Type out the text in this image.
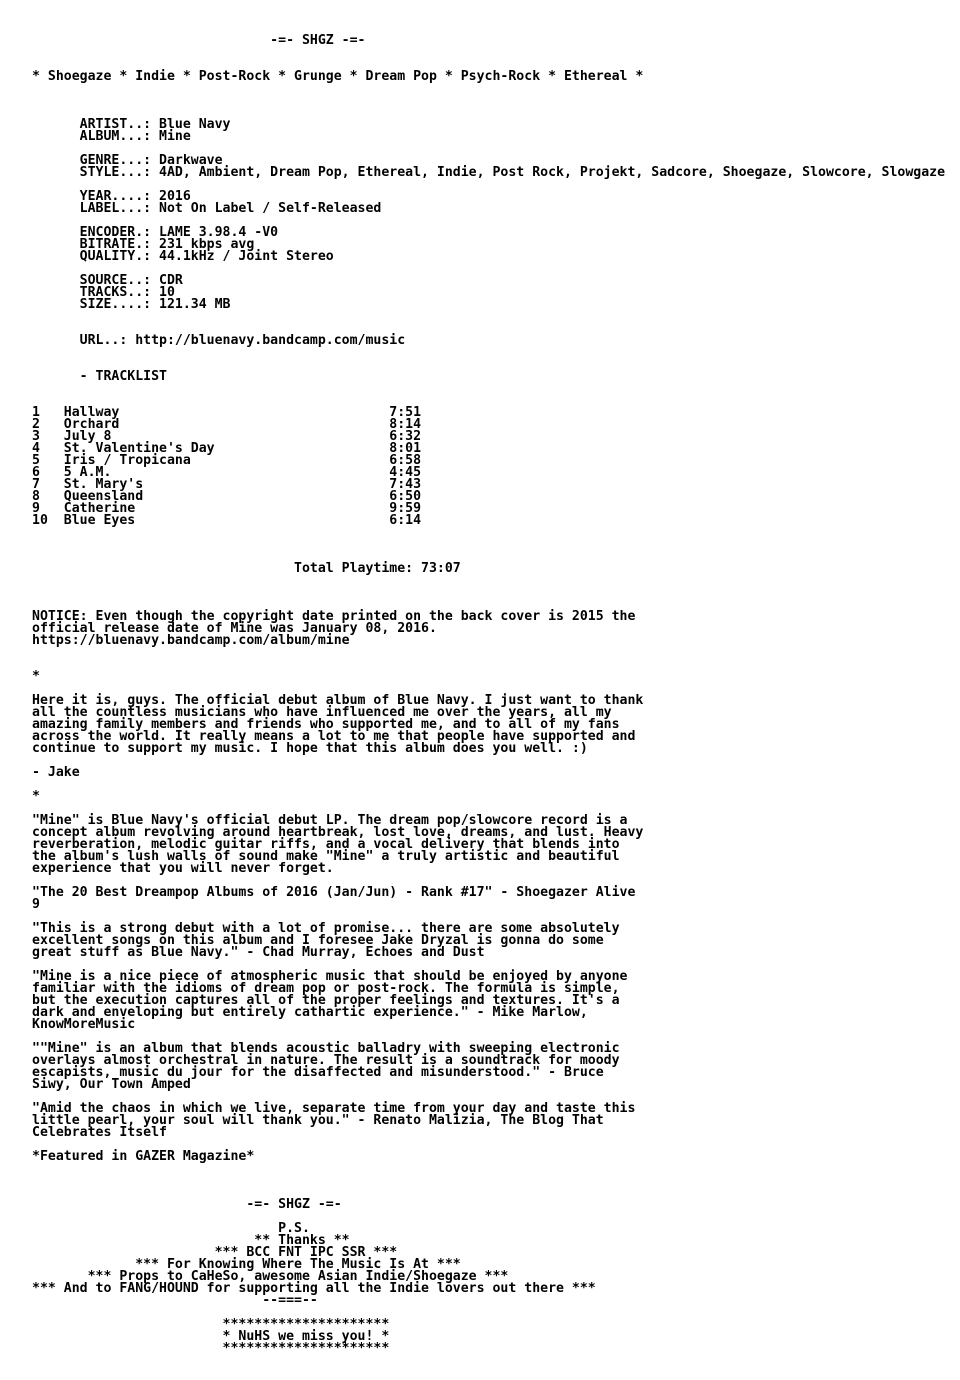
-=- SHGZ -=-

* Shoegaze * Indie * Post-Rock * Grunge * Dream Pop * Psych-Rock * Ethereal *

ARTIST..: Blue Navy
ALBUM...: Mine

GENRE...: Darkwave
STYLE...: 4AD, Ambient, Dream Pop, Ethereal, Indie, Post Rock, Projekt, Sadcore, Shoegaze, Slowcore, Slowgaze

YEAR....: 2016
LABEL...: Not On Label / Self-Released

ENCODER.: LAME 3.98.4 -V0
BITRATE.: 231 kbps avg
QUALITY.: 44.1kHz / Joint Stereo

SOURCE..: CDR
TRACKS..: 10
SIZE....: 121.34 MB

URL..: http://bluenavy.bandcamp.com/music

- TRACKLIST

1   Hallway                                  7:51
2   Orchard                                  8:14
3   July 8                                   6:32
4   St. Valentine's Day                      8:01
5   Iris / Tropicana                         6:58
6   5 A.M.                                   4:45
7   St. Mary's                               7:43
8   Queensland                               6:50
9   Catherine                                9:59
10  Blue Eyes                                6:14

Total Playtime: 73:07

NOTICE: Even though the copyright date printed on the back cover is 2015 the
official release date of Mine was January 08, 2016.
https://bluenavy.bandcamp.com/album/mine

*

Here it is, guys. The official debut album of Blue Navy. I just want to thank
all the countless musicians who have influenced me over the years, all my
amazing family members and friends who supported me, and to all of my fans
across the world. It really means a lot to me that people have supported and
continue to support my music. I hope that this album does you well. :)

- Jake

*

"Mine" is Blue Navy's official debut LP. The dream pop/slowcore record is a
concept album revolving around heartbreak, lost love, dreams, and lust. Heavy
reverberation, melodic guitar riffs, and a vocal delivery that blends into
the album's lush walls of sound make "Mine" a truly artistic and beautiful
experience that you will never forget.

"The 20 Best Dreampop Albums of 2016 (Jan/Jun) - Rank #17" - Shoegazer Alive
9

"This is a strong debut with a lot of promise... there are some absolutely
excellent songs on this album and I foresee Jake Dryzal is gonna do some
great stuff as Blue Navy." - Chad Murray, Echoes and Dust

"Mine is a nice piece of atmospheric music that should be enjoyed by anyone
familiar with the idioms of dream pop or post-rock. The formula is simple,
but the execution captures all of the proper feelings and textures. It's a
dark and enveloping but entirely cathartic experience." - Mike Marlow,
KnowMoreMusic

""Mine" is an album that blends acoustic balladry with sweeping electronic
overlays almost orchestral in nature. The result is a soundtrack for moody
escapists, music du jour for the disaffected and misunderstood." - Bruce
Siwy, Our Town Amped

"Amid the chaos in which we live, separate time from your day and taste this
little pearl, your soul will thank you." - Renato Malizia, The Blog That
Celebrates Itself

*Featured in GAZER Magazine*

-=- SHGZ -=-

P.S.
** Thanks **
*** BCC FNT IPC SSR ***
*** For Knowing Where The Music Is At ***
*** Props to CaHeSo, awesome Asian Indie/Shoegaze ***
*** And to FANG/HOUND for supporting all the Indie lovers out there ***
--===--

*********************
* NuHS we miss you! *
*********************
